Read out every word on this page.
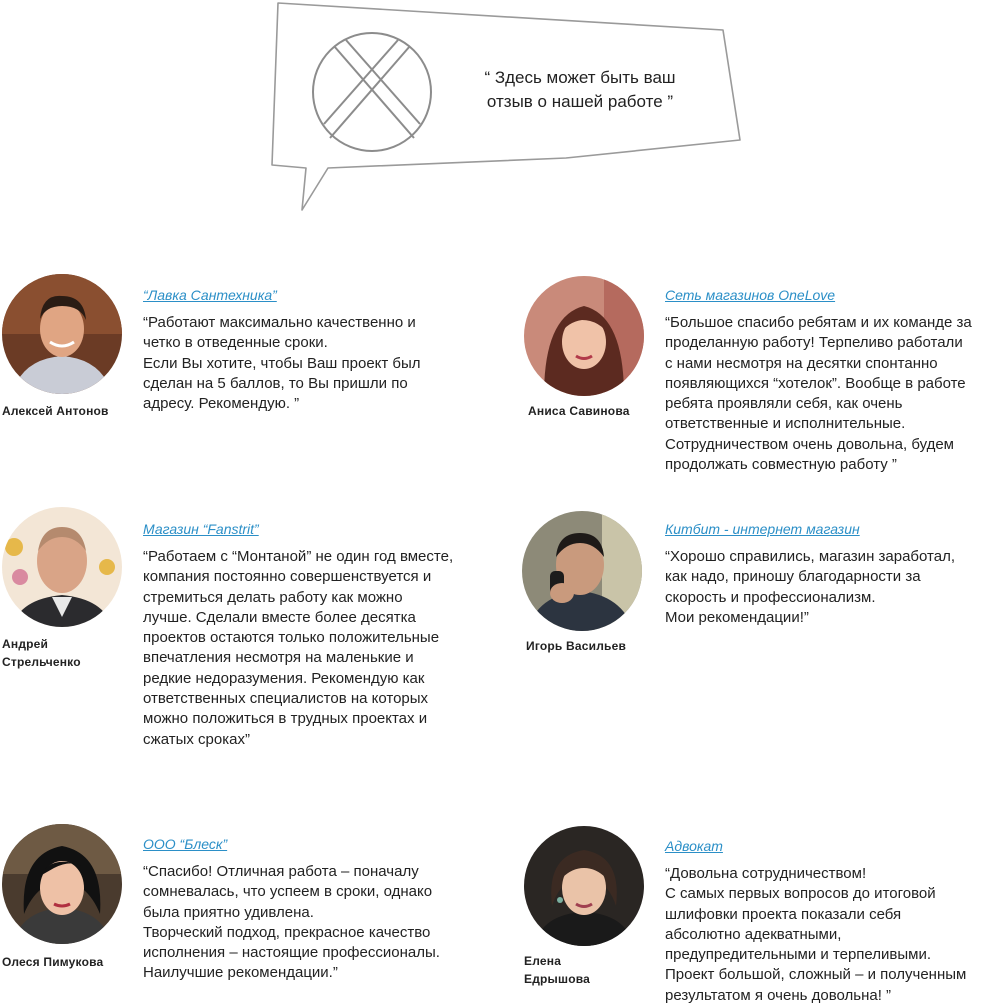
“ Здесь может быть ваш отзыв о нашей работе ”
Алексей Антонов
“Лавка Сантехника”
“Работают максимально качественно и
четко в отведенные сроки.
Если Вы хотите, чтобы Ваш проект был
сделан на 5 баллов, то Вы пришли по
адресу. Рекомендую. ”	Аниса Савинова
Сеть магазинов OneLove
“Большое спасибо ребятам и их команде за
проделанную работу! Терпеливо работали
с нами несмотря на десятки спонтанно
появляющихся “хотелок”. Вообще в работе
ребята проявляли себя, как очень
ответственные и исполнительные.
Сотрудничеством очень довольна, будем
продолжать совместную работу ”
Андрей
Стрельченко
Магазин “Fanstrit”
“Работаем с “Монтаной” не один год вместе,
компания постоянно совершенствуется и
стремиться делать работу как можно
лучше. Сделали вместе более десятка
проектов остаются только положительные
впечатления несмотря на маленькие и
редкие недоразумения. Рекомендую как
ответственных специалистов на которых
можно положиться в трудных проектах и
сжатых сроках”
Игорь Васильев
Китбит - интернет магазин
“Хорошо справились, магазин заработал,
как надо, приношу благодарности за
скорость и профессионализм.
Мои рекомендации!”
Олеся Пимукова
ООО “Блеск”
“Спасибо! Отличная работа – поначалу
сомневалась, что успеем в сроки, однако
была приятно удивлена.
Творческий подход, прекрасное качество
исполнения – настоящие профессионалы.
Наилучшие рекомендации.”
Елена
Едрышова
Адвокат
“Довольна сотрудничеством!
С самых первых вопросов до итоговой
шлифовки проекта показали себя
абсолютно адекватными,
предупредительными и терпеливыми.
Проект большой, сложный – и полученным
результатом я очень довольна! ”
